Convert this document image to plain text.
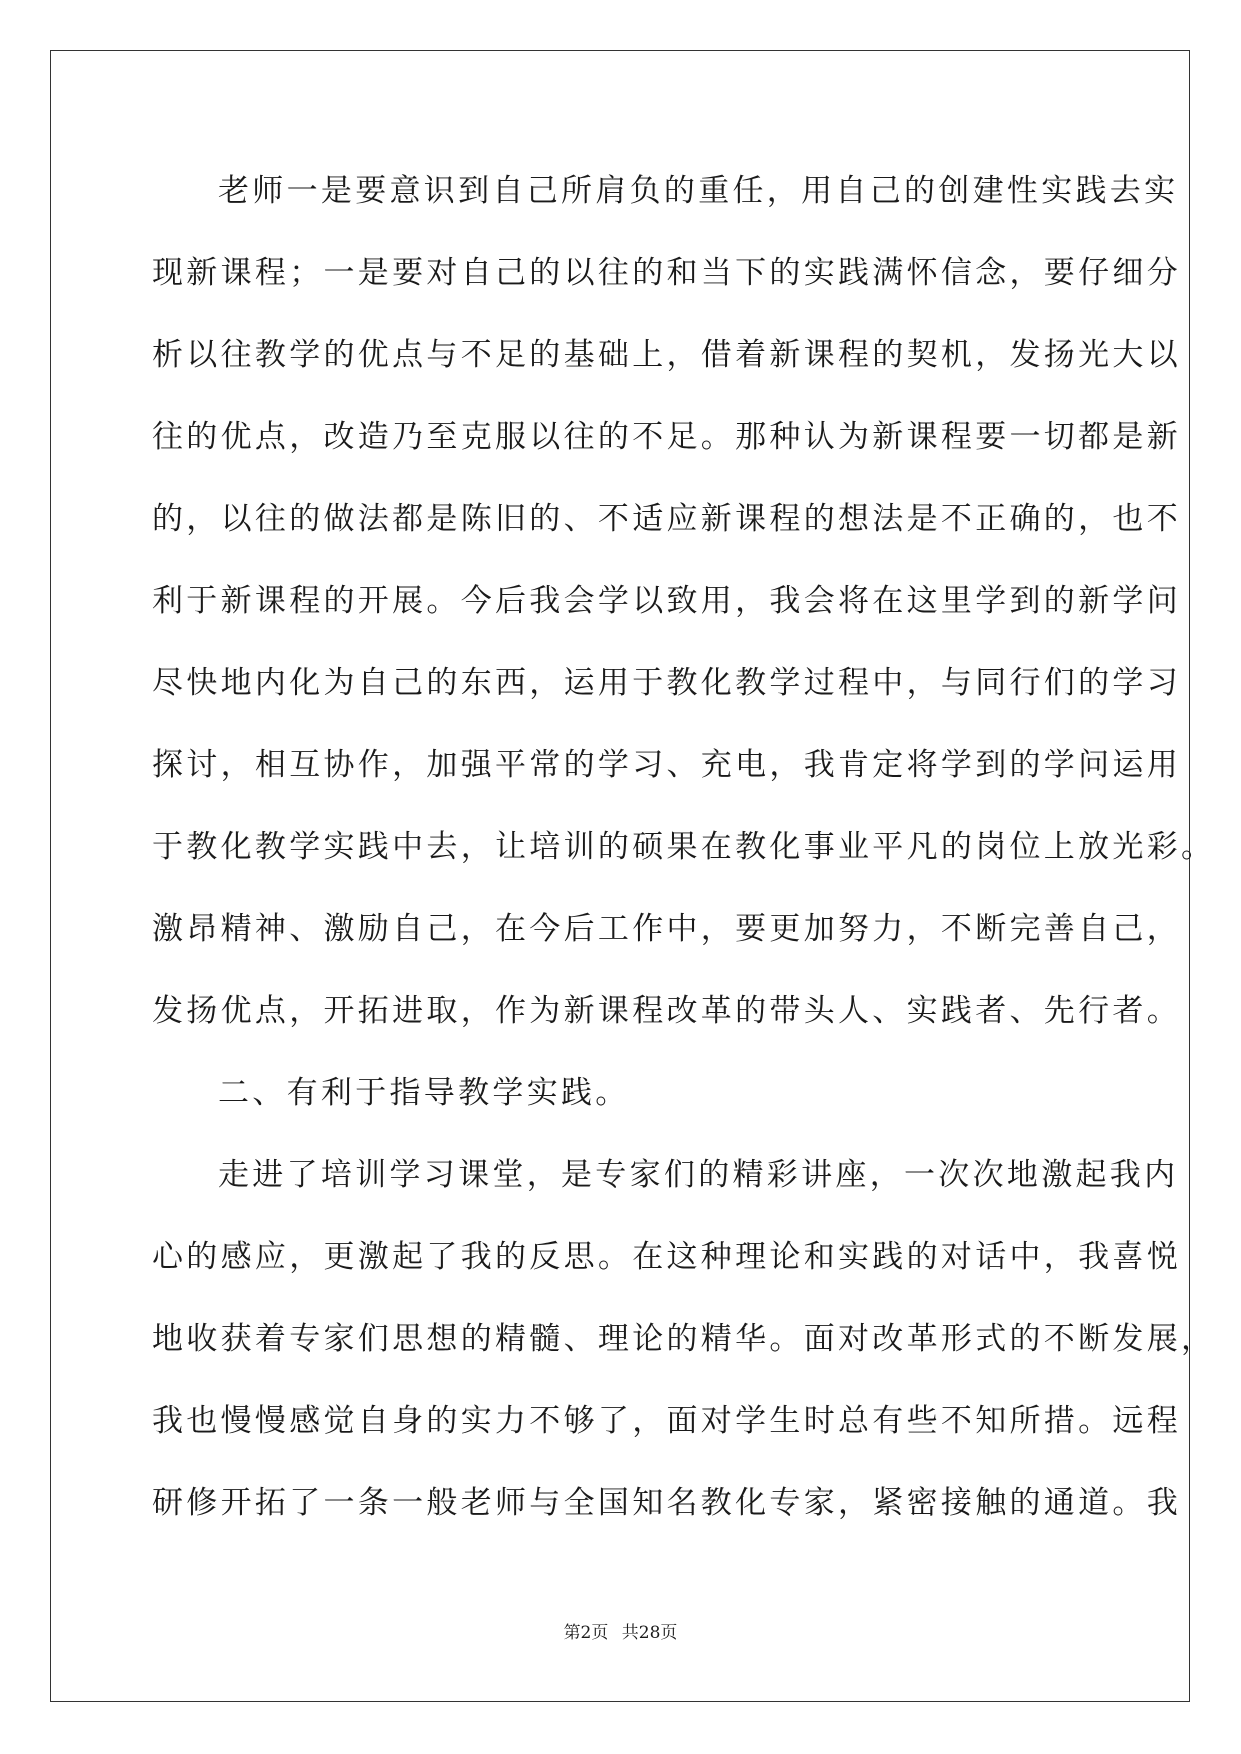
老师一是要意识到自己所肩负的重任，用自己的创建性实践去实
现新课程；一是要对自己的以往的和当下的实践满怀信念，要仔细分
析以往教学的优点与不足的基础上，借着新课程的契机，发扬光大以
往的优点，改造乃至克服以往的不足。那种认为新课程要一切都是新
的，以往的做法都是陈旧的、不适应新课程的想法是不正确的，也不
利于新课程的开展。今后我会学以致用，我会将在这里学到的新学问
尽快地内化为自己的东西，运用于教化教学过程中，与同行们的学习
探讨，相互协作，加强平常的学习、充电，我肯定将学到的学问运用
于教化教学实践中去，让培训的硕果在教化事业平凡的岗位上放光彩。
激昂精神、激励自己，在今后工作中，要更加努力，不断完善自己，
发扬优点，开拓进取，作为新课程改革的带头人、实践者、先行者。
二、有利于指导教学实践。
走进了培训学习课堂，是专家们的精彩讲座，一次次地激起我内
心的感应，更激起了我的反思。在这种理论和实践的对话中，我喜悦
地收获着专家们思想的精髓、理论的精华。面对改革形式的不断发展，
我也慢慢感觉自身的实力不够了，面对学生时总有些不知所措。远程
研修开拓了一条一般老师与全国知名教化专家，紧密接触的通道。我
第2页 共28页
